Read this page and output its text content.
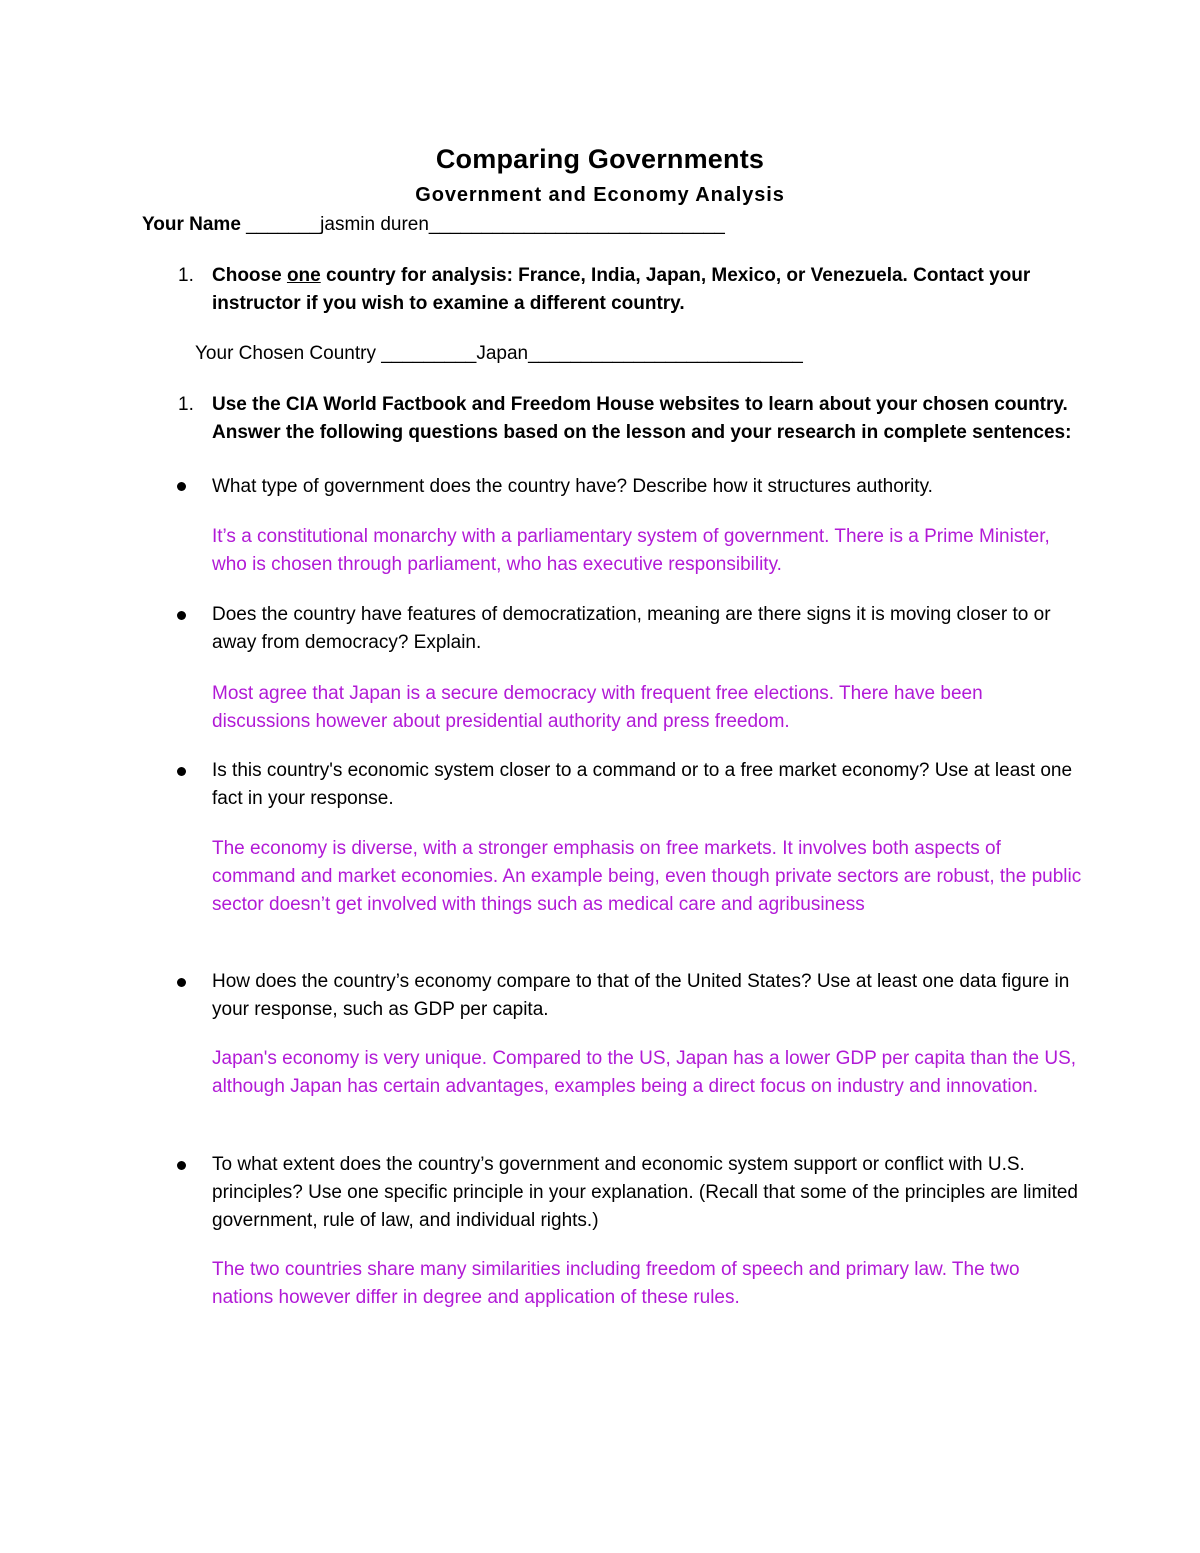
Comparing Governments
Government and Economy Analysis
Your Name _______jasmin duren____________________________
1. Choose one country for analysis: France, India, Japan, Mexico, or Venezuela. Contact your instructor if you wish to examine a different country.
Your Chosen Country _________Japan__________________________
1. Use the CIA World Factbook and Freedom House websites to learn about your chosen country. Answer the following questions based on the lesson and your research in complete sentences:
What type of government does the country have? Describe how it structures authority.
It’s a constitutional monarchy with a parliamentary system of government. There is a Prime Minister, who is chosen through parliament, who has executive responsibility.
Does the country have features of democratization, meaning are there signs it is moving closer to or away from democracy? Explain.
Most agree that Japan is a secure democracy with frequent free elections. There have been discussions however about presidential authority and press freedom.
Is this country's economic system closer to a command or to a free market economy? Use at least one fact in your response.
The economy is diverse, with a stronger emphasis on free markets. It involves both aspects of command and market economies. An example being, even though private sectors are robust, the public sector doesn’t get involved with things such as medical care and agribusiness
How does the country’s economy compare to that of the United States? Use at least one data figure in your response, such as GDP per capita.
Japan's economy is very unique. Compared to the US, Japan has a lower GDP per capita than the US, although Japan has certain advantages, examples being a direct focus on industry and innovation.
To what extent does the country’s government and economic system support or conflict with U.S. principles? Use one specific principle in your explanation. (Recall that some of the principles are limited government, rule of law, and individual rights.)
The two countries share many similarities including freedom of speech and primary law. The two nations however differ in degree and application of these rules.
